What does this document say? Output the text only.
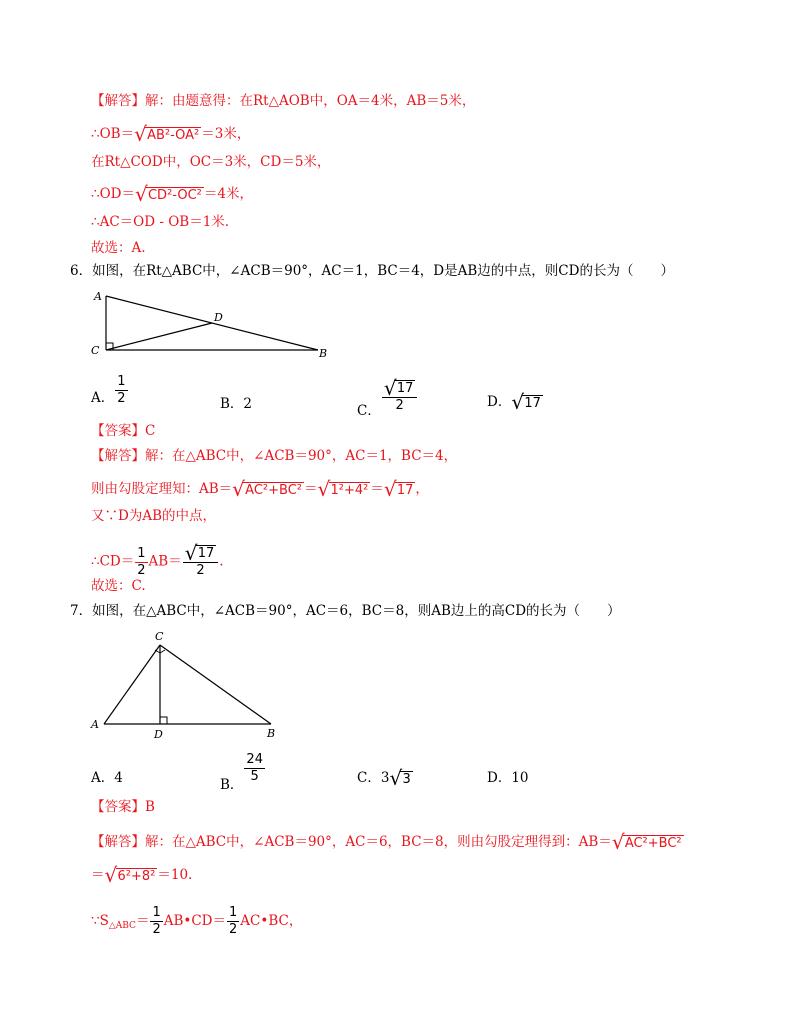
【解答】解：由题意得：在Rt△AOB中，OA＝4米，AB＝5米，
∴OB＝ √ AB²-OA² ＝3米，
在Rt△COD中，OC＝3米，CD＝5米，
∴OD＝ √ CD²-OC² ＝4米，
∴AC＝OD - OB＝1米.
故选：A.
6．如图，在Rt△ABC中，∠ACB＝90°，AC＝1，BC＝4，D是AB边的中点，则CD的长为（　　）
A
C
D
B
A． $\frac{1}{2}$	B．2	C． $\frac{√ 17}{2}$	D． √ 17
【答案】C
【解答】解：在△ABC中，∠ACB＝90°，AC＝1，BC＝4，
则由勾股定理知：AB＝ √ AC²+BC² ＝ √ 1²+4² ＝ √ 17 ，
又∵D为AB的中点，
∴CD＝ $\frac{1}{2} AB= \frac{√ 17}{2}$ .
故选：C.
7．如图，在△ABC中，∠ACB＝90°，AC＝6，BC＝8，则AB边上的高CD的长为（　　）
C
A
D	B
A．4	B． $\frac{24}{5}$	C．3 √ 3	D．10
【答案】B
【解答】解：在△ABC中，∠ACB＝90°，AC＝6，BC＝8，则由勾股定理得到：AB＝ √ AC²+BC²
＝ √ 6²+8² ＝10.
$\because S_{\triangle ABC}= \frac{1}{2}$ AB•CD＝ $\frac{1}{2}$ AC•BC，
